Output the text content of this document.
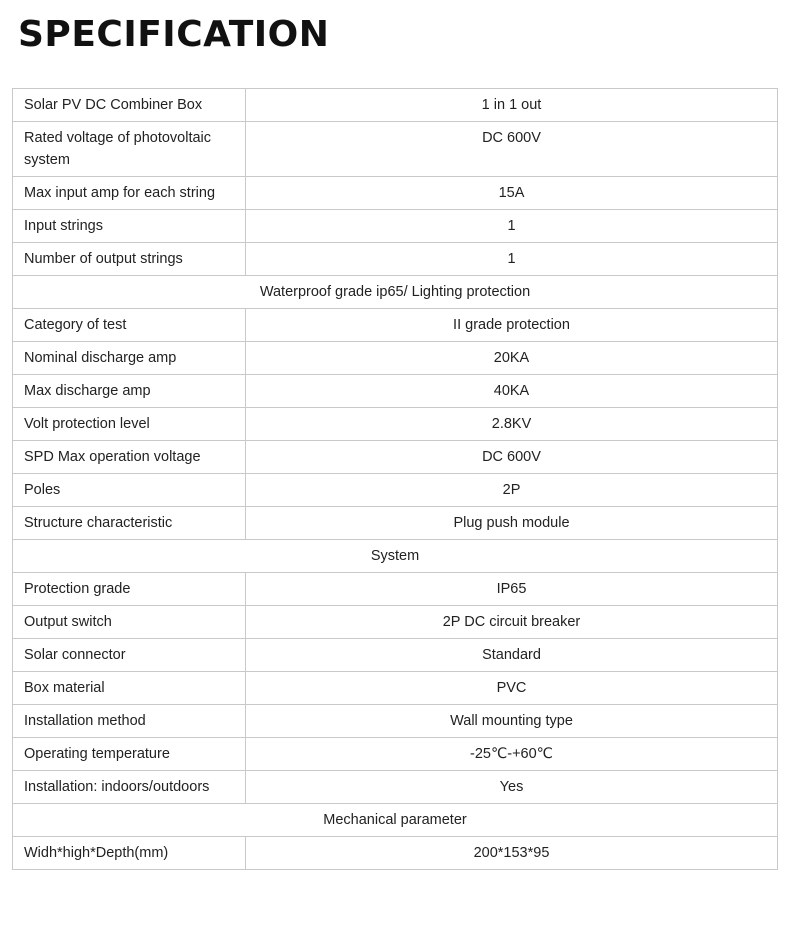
SPECIFICATION
Solar PV DC Combiner Box	1 in 1 out
Rated voltage of photovoltaic system	DC 600V
Max input amp for each string	15A
Input strings	1
Number of output strings	1
Waterproof grade ip65/ Lighting protection	
Category of test	II grade protection
Nominal discharge amp	20KA
Max discharge amp	40KA
Volt protection level	2.8KV
SPD Max operation voltage	DC 600V
Poles	2P
Structure characteristic	Plug push module
System	
Protection grade	IP65
Output switch	2P DC circuit breaker
Solar connector	Standard
Box material	PVC
Installation method	Wall mounting type
Operating temperature	-25℃-+60℃
Installation: indoors/outdoors	Yes
Mechanical parameter	
Widh*high*Depth(mm)	200*153*95
